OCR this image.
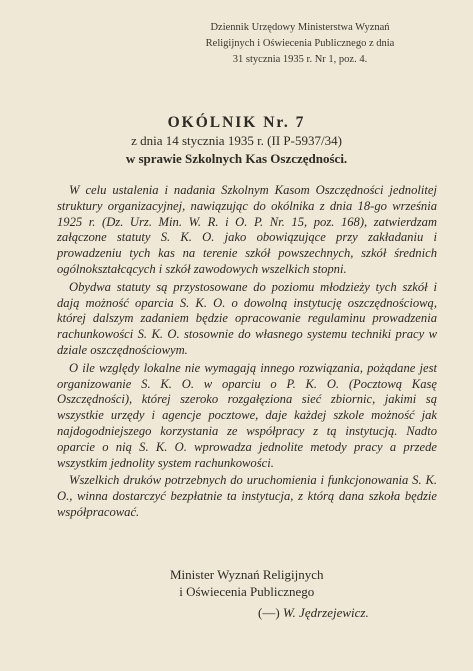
Dziennik Urzędowy Ministerstwa Wyznań
Religijnych i Oświecenia Publicznego z dnia
31 stycznia 1935 r. Nr 1, poz. 4.
OKÓLNIK Nr. 7
z dnia 14 stycznia 1935 r. (II P-5937/34)
w sprawie Szkolnych Kas Oszczędności.

W celu ustalenia i nadania Szkolnym Kasom Oszczędności jednolitej struktury organizacyjnej, nawiązując do okólnika z dnia 18-go września 1925 r. (Dz. Urz. Min. W. R. i O. P. Nr. 15, poz. 168), zatwierdzam załączone statuty S. K. O. jako obowiązujące przy zakładaniu i prowadzeniu tych kas na terenie szkół powszechnych, szkół średnich ogólnokształcących i szkół zawodowych wszelkich stopni.

Obydwa statuty są przystosowane do poziomu młodzieży tych szkół i dają możność oparcia S. K. O. o dowolną instytucję oszczędnościową, której dalszym zadaniem będzie opracowanie regulaminu prowadzenia rachunkowości S. K. O. stosownie do własnego systemu techniki pracy w dziale oszczędnościowym.

O ile względy lokalne nie wymagają innego rozwiązania, pożądane jest organizowanie S. K. O. w oparciu o P. K. O. (Pocztową Kasę Oszczędności), której szeroko rozgałęziona sieć zbiornic, jakimi są wszystkie urzędy i agencje pocztowe, daje każdej szkole możność jak najdogodniejszego korzystania ze współpracy z tą instytucją. Nadto oparcie o nią S. K. O. wprowadza jednolite metody pracy a przede wszystkim jednolity system rachunkowości.

Wszelkich druków potrzebnych do uruchomienia i funkcjonowania S. K. O., winna dostarczyć bezpłatnie ta instytucja, z którą dana szkoła będzie współpracować.

Minister Wyznań Religijnych
i Oświecenia Publicznego
(—) W. Jędrzejewicz.
